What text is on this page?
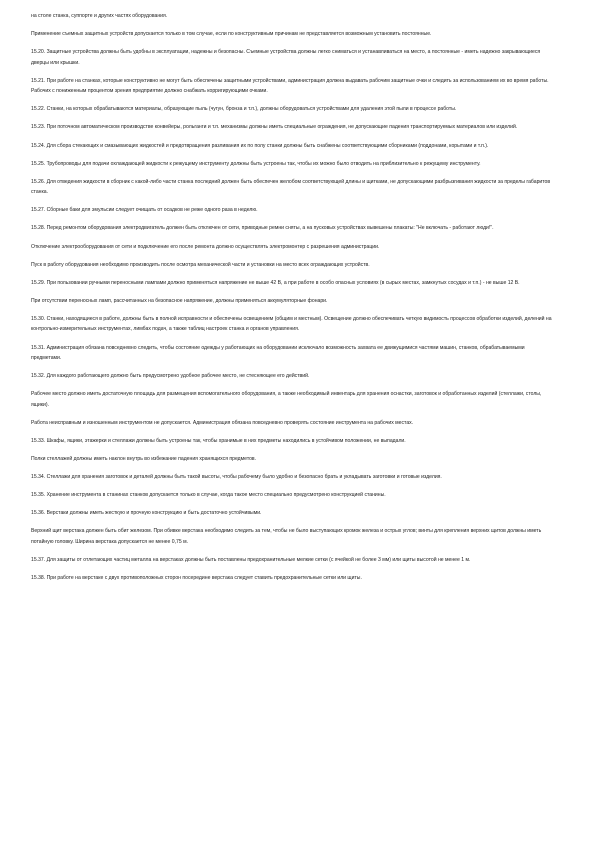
на столе станка, суппорте и других частях оборудования.

Применение съемных защитных устройств допускается только в том случае, если по конструктивным причинам не представляется возможным установить постоянные.

15.20. Защитные устройства должны быть удобны в эксплуатации, надежны и безопасны. Съемные устройства должны легко сниматься и устанавливаться на место, а постоянные - иметь надежно закрывающиеся дверцы или крышки.

15.21. При работе на станках, которые конструктивно не могут быть обеспечены защитными устройствами, администрация должна выдавать рабочим защитные очки и следить за использованием их во время работы. Рабочих с пониженным процентом зрения предприятие должно снабжать корригирующими очками.

15.22. Станки, на которых обрабатываются материалы, образующие пыль (чугун, бронза и т.п.), должны оборудоваться устройствами для удаления этой пыли в процессе работы.

15.23. При поточном автоматическом производстве конвейеры, рольганги и т.п. механизмы должны иметь специальные ограждения, не допускающие падения транспортируемых материалов или изделий.

15.24. Для сбора стекающих и смазывающих жидкостей и предотвращения разливания их по полу станки должны быть снабжены соответствующими сборниками (поддонами, корытами и т.п.).

15.25. Трубопроводы для подачи охлаждающей жидкости к режущему инструменту должны быть устроены так, чтобы их можно было отводить на приблизительно к режущему инструменту.

15.26. Для отведения жидкости в сборник с какой-либо части станка последний должен быть обеспечен желобом соответствующей длины и щитками, не допускающими разбрызгивания жидкости за пределы габаритов станка.

15.27. Сборные баки для эмульсии следует очищать от осадков не реже одного раза в неделю.

15.28. Перед ремонтом оборудования электродвигатель должен быть отключен от сети, приводные ремни сняты, а на пусковых устройствах вывешены плакаты: "Не включать - работают люди!".

Отключение электрооборудования от сети и подключение его после ремонта должно осуществлять электромонтер с разрешения администрации.

Пуск в работу оборудования необходимо производить после осмотра механической части и установки на место всех ограждающих устройств.

15.29. При пользовании ручными переносными лампами должно применяться напряжение не выше 42 В, а при работе в особо опасных условиях (в сырых местах, замкнутых сосудах и т.п.) - не выше 12 В.

При отсутствии переносных ламп, рассчитанных на безопасное напряжение, должны применяться аккумуляторные фонари.

15.30. Станки, находящиеся в работе, должны быть в полной исправности и обеспечены освещением (общим и местным). Освещение должно обеспечивать четкую видимость процессов обработки изделий, делений на контрольно-измерительных инструментах, лимбах подач, а также таблиц настроек станка и органов управления.

15.31. Администрация обязана повседневно следить, чтобы состояние одежды у работающих на оборудовании исключало возможность захвата ее движущимися частями машин, станков, обрабатываемыми предметами.

15.32. Для каждого работающего должно быть предусмотрено удобное рабочее место, не стесняющее его действий.

Рабочее место должно иметь достаточную площадь для размещения вспомогательного оборудования, а также необходимый инвентарь для хранения оснастки, заготовок и обработанных изделий (стеллажи, столы, ящики).

Работа неисправным и изношенным инструментом не допускается. Администрация обязана повседневно проверять состояние инструмента на рабочих местах.

15.33. Шкафы, ящики, этажерки и стеллажи должны быть устроены так, чтобы хранимые в них предметы находились в устойчивом положении, не выпадали.

Полки стеллажей должны иметь наклон внутрь во избежание падения хранящихся предметов.

15.34. Стеллажи для хранения заготовок и деталей должны быть такой высоты, чтобы рабочему было удобно и безопасно брать и укладывать заготовки и готовые изделия.

15.35. Хранение инструмента в станинах станков допускается только в случае, когда такое место специально предусмотрено конструкцией станины.

15.36. Верстаки должны иметь жесткую и прочную конструкцию и быть достаточно устойчивыми.

Верхний щит верстака должен быть обит железом. При обивке верстака необходимо следить за тем, чтобы не было выступающих кромок железа и острых углов; винты для крепления верхних щитов должны иметь потайную головку. Ширина верстака допускается не менее 0,75 м.

15.37. Для защиты от отлетающих частиц металла на верстаках должны быть поставлены предохранительные мелкие сетки (с ячейкой не более 3 мм) или щиты высотой не менее 1 м.

15.38. При работе на верстаке с двух противоположных сторон посередине верстака следует ставить предохранительные сетки или щиты.
